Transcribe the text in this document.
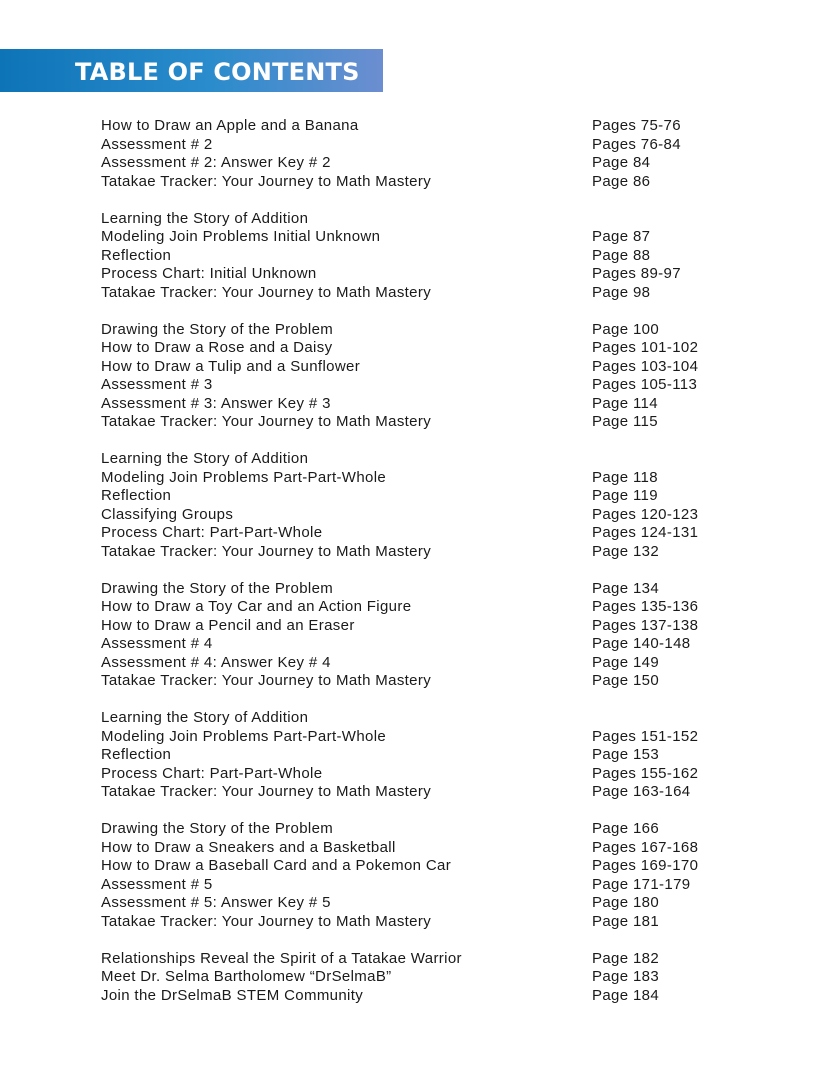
TABLE OF CONTENTS
How to Draw an Apple and a Banana	Pages 75-76
Assessment # 2	Pages 76-84
Assessment # 2: Answer Key # 2	Page 84
Tatakae Tracker: Your Journey to Math Mastery	Page 86
Learning the Story of Addition
Modeling Join Problems Initial Unknown	Page 87
Reflection	Page 88
Process Chart: Initial Unknown	Pages 89-97
Tatakae Tracker: Your Journey to Math Mastery	Page 98
Drawing the Story of the Problem	Page 100
How to Draw a Rose and a Daisy	Pages 101-102
How to Draw a Tulip and a Sunflower	Pages 103-104
Assessment # 3	Pages 105-113
Assessment # 3: Answer Key # 3	Page 114
Tatakae Tracker: Your Journey to Math Mastery	Page 115
Learning the Story of Addition
Modeling Join Problems Part-Part-Whole	Page 118
Reflection	Page 119
Classifying Groups	Pages 120-123
Process Chart: Part-Part-Whole	Pages 124-131
Tatakae Tracker: Your Journey to Math Mastery	Page 132
Drawing the Story of the Problem	Page 134
How to Draw a Toy Car and an Action Figure	Pages 135-136
How to Draw a Pencil and an Eraser	Pages 137-138
Assessment # 4	Page 140-148
Assessment # 4: Answer Key # 4	Page 149
Tatakae Tracker: Your Journey to Math Mastery	Page 150
Learning the Story of Addition
Modeling Join Problems Part-Part-Whole	Pages 151-152
Reflection	Page 153
Process Chart: Part-Part-Whole	Pages 155-162
Tatakae Tracker: Your Journey to Math Mastery	Page 163-164
Drawing the Story of the Problem	Page 166
How to Draw a Sneakers and a Basketball	Pages 167-168
How to Draw a Baseball Card and a Pokemon Car	Pages 169-170
Assessment # 5	Page 171-179
Assessment # 5: Answer Key # 5	Page 180
Tatakae Tracker: Your Journey to Math Mastery	Page 181
Relationships Reveal the Spirit of a Tatakae Warrior	Page 182
Meet Dr. Selma Bartholomew “DrSelmaB”	Page 183
Join the DrSelmaB STEM Community	Page 184
